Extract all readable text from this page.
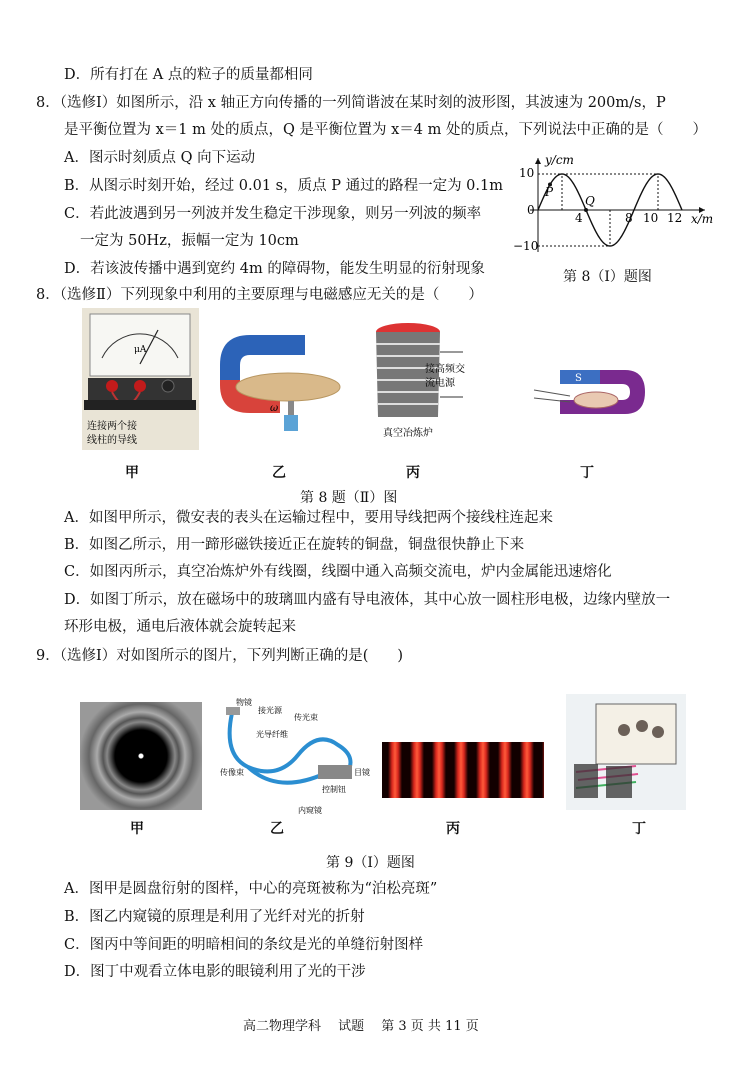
D．所有打在 A 点的粒子的质量都相同
8．（选修Ⅰ）如图所示，沿 x 轴正方向传播的一列简谐波在某时刻的波形图，其波速为 200m/s，P
是平衡位置为 x＝1 m 处的质点，Q 是平衡位置为 x＝4 m 处的质点，下列说法中正确的是（　　）
A．图示时刻质点 Q 向下运动
B．从图示时刻开始，经过 0.01 s，质点 P 通过的路程一定为 0.1m
C．若此波遇到另一列波并发生稳定干涉现象，则另一列波的频率
一定为 50Hz，振幅一定为 10cm
D．若该波传播中遇到宽约 4m 的障碍物，能发生明显的衍射现象
y/cm
x/m
10
0
−10
4	8 10 12
P
Q
第 8（Ⅰ）题图
8．（选修Ⅱ）下列现象中利用的主要原理与电磁感应无关的是（　　）
μA
连接两个接
线柱的导线
ω
接高频交
流电源
真空冶炼炉
S
甲	乙	丙	丁
第 8 题（Ⅱ）图
A．如图甲所示，微安表的表头在运输过程中，要用导线把两个接线柱连起来
B．如图乙所示，用一蹄形磁铁接近正在旋转的铜盘，铜盘很快静止下来
C．如图丙所示，真空冶炼炉外有线圈，线圈中通入高频交流电，炉内金属能迅速熔化
D．如图丁所示，放在磁场中的玻璃皿内盛有导电液体，其中心放一圆柱形电极，边缘内壁放一
环形电极，通电后液体就会旋转起来
9．（选修Ⅰ）对如图所示的图片，下列判断正确的是(　　)
物镜
接光源
传光束
光导纤维
传像束	目镜
控制钮
内窥镜
甲	乙	丙	丁
第 9（Ⅰ）题图
A．图甲是圆盘衍射的图样，中心的亮斑被称为“泊松亮斑”
B．图乙内窥镜的原理是利用了光纤对光的折射
C．图丙中等间距的明暗相间的条纹是光的单缝衍射图样
D．图丁中观看立体电影的眼镜利用了光的干涉
高二物理学科　 试题　 第 3 页 共 11 页
